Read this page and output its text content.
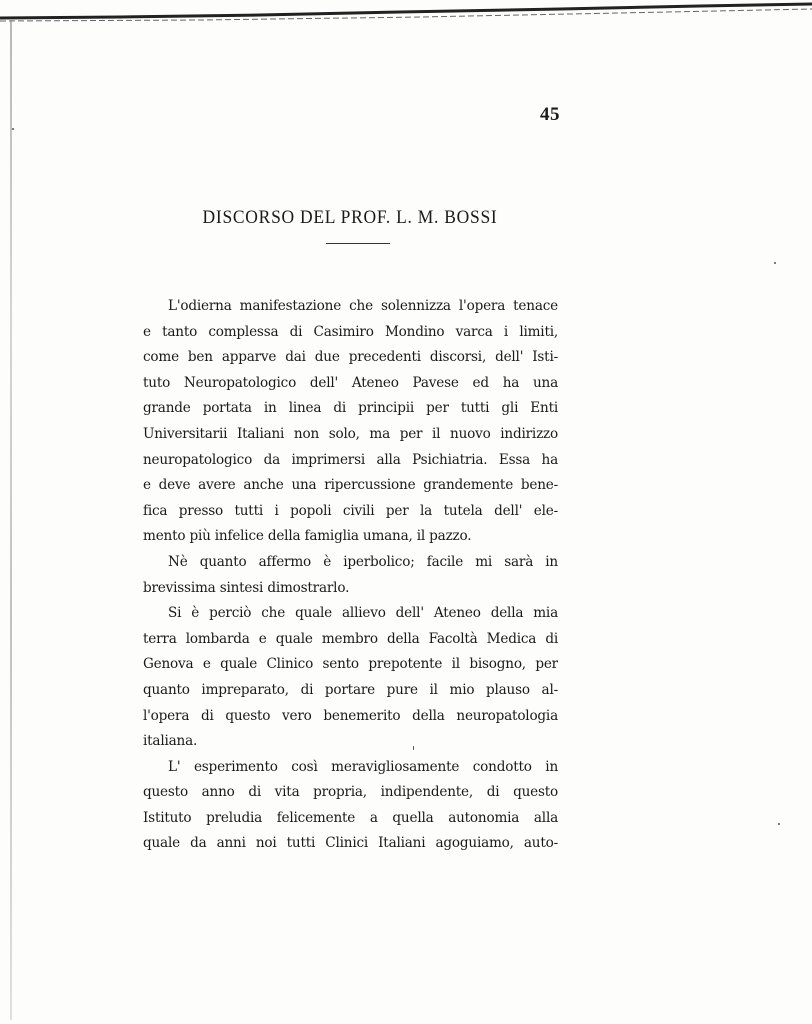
45
DISCORSO DEL PROF. L. M. BOSSI
L'odierna manifestazione che solennizza l'opera tenace
e tanto complessa di Casimiro Mondino varca i limiti,
come ben apparve dai due precedenti discorsi, dell' Isti-
tuto Neuropatologico dell' Ateneo Pavese ed ha una
grande portata in linea di principii per tutti gli Enti
Universitarii Italiani non solo, ma per il nuovo indirizzo
neuropatologico da imprimersi alla Psichiatria. Essa ha
e deve avere anche una ripercussione grandemente bene-
fica presso tutti i popoli civili per la tutela dell' ele-
mento più infelice della famiglia umana, il pazzo.
Nè quanto affermo è iperbolico; facile mi sarà in
brevissima sintesi dimostrarlo.
Si è perciò che quale allievo dell' Ateneo della mia
terra lombarda e quale membro della Facoltà Medica di
Genova e quale Clinico sento prepotente il bisogno, per
quanto impreparato, di portare pure il mio plauso al-
l'opera di questo vero benemerito della neuropatologia
italiana.
L' esperimento così meravigliosamente condotto in
questo anno di vita propria, indipendente, di questo
Istituto preludia felicemente a quella autonomia alla
quale da anni noi tutti Clinici Italiani agoguiamo, auto-
